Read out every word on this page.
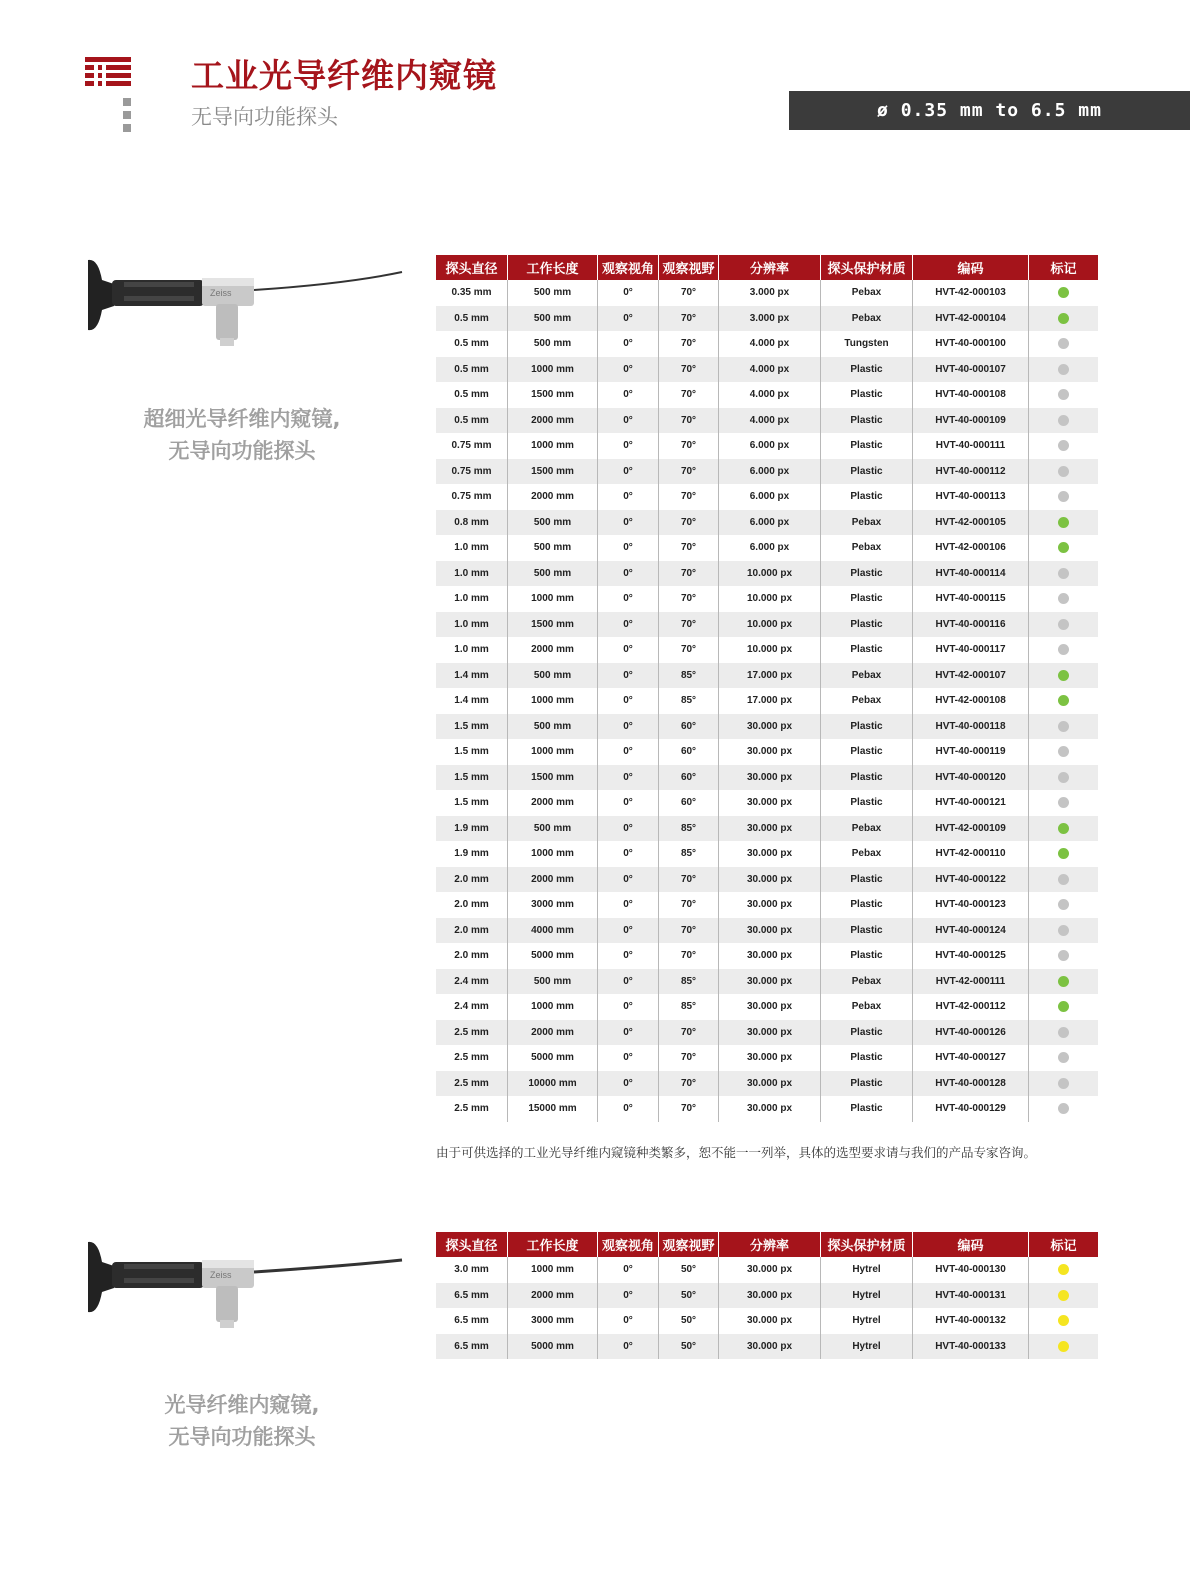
工业光导纤维内窥镜
无导向功能探头	ø 0.35 mm to 6.5 mm
Zeiss
超细光导纤维内窥镜,
无导向功能探头
探头直径	工作长度	观察视角	观察视野	分辨率	探头保护材质	编码	标记
0.35 mm	500 mm	0°	70°	3.000 px	Pebax	HVT-42-000103	
0.5 mm	500 mm	0°	70°	3.000 px	Pebax	HVT-42-000104	
0.5 mm	500 mm	0°	70°	4.000 px	Tungsten	HVT-40-000100	
0.5 mm	1000 mm	0°	70°	4.000 px	Plastic	HVT-40-000107	
0.5 mm	1500 mm	0°	70°	4.000 px	Plastic	HVT-40-000108	
0.5 mm	2000 mm	0°	70°	4.000 px	Plastic	HVT-40-000109	
0.75 mm	1000 mm	0°	70°	6.000 px	Plastic	HVT-40-000111	
0.75 mm	1500 mm	0°	70°	6.000 px	Plastic	HVT-40-000112	
0.75 mm	2000 mm	0°	70°	6.000 px	Plastic	HVT-40-000113	
0.8 mm	500 mm	0°	70°	6.000 px	Pebax	HVT-42-000105	
1.0 mm	500 mm	0°	70°	6.000 px	Pebax	HVT-42-000106	
1.0 mm	500 mm	0°	70°	10.000 px	Plastic	HVT-40-000114	
1.0 mm	1000 mm	0°	70°	10.000 px	Plastic	HVT-40-000115	
1.0 mm	1500 mm	0°	70°	10.000 px	Plastic	HVT-40-000116	
1.0 mm	2000 mm	0°	70°	10.000 px	Plastic	HVT-40-000117	
1.4 mm	500 mm	0°	85°	17.000 px	Pebax	HVT-42-000107	
1.4 mm	1000 mm	0°	85°	17.000 px	Pebax	HVT-42-000108	
1.5 mm	500 mm	0°	60°	30.000 px	Plastic	HVT-40-000118	
1.5 mm	1000 mm	0°	60°	30.000 px	Plastic	HVT-40-000119	
1.5 mm	1500 mm	0°	60°	30.000 px	Plastic	HVT-40-000120	
1.5 mm	2000 mm	0°	60°	30.000 px	Plastic	HVT-40-000121	
1.9 mm	500 mm	0°	85°	30.000 px	Pebax	HVT-42-000109	
1.9 mm	1000 mm	0°	85°	30.000 px	Pebax	HVT-42-000110	
2.0 mm	2000 mm	0°	70°	30.000 px	Plastic	HVT-40-000122	
2.0 mm	3000 mm	0°	70°	30.000 px	Plastic	HVT-40-000123	
2.0 mm	4000 mm	0°	70°	30.000 px	Plastic	HVT-40-000124	
2.0 mm	5000 mm	0°	70°	30.000 px	Plastic	HVT-40-000125	
2.4 mm	500 mm	0°	85°	30.000 px	Pebax	HVT-42-000111	
2.4 mm	1000 mm	0°	85°	30.000 px	Pebax	HVT-42-000112	
2.5 mm	2000 mm	0°	70°	30.000 px	Plastic	HVT-40-000126	
2.5 mm	5000 mm	0°	70°	30.000 px	Plastic	HVT-40-000127	
2.5 mm	10000 mm	0°	70°	30.000 px	Plastic	HVT-40-000128	
2.5 mm	15000 mm	0°	70°	30.000 px	Plastic	HVT-40-000129	
由于可供选择的工业光导纤维内窥镜种类繁多，恕不能一一列举，具体的选型要求请与我们的产品专家咨询。
Zeiss
光导纤维内窥镜,
无导向功能探头
探头直径	工作长度	观察视角	观察视野	分辨率	探头保护材质	编码	标记
3.0 mm	1000 mm	0°	50°	30.000 px	Hytrel	HVT-40-000130	
6.5 mm	2000 mm	0°	50°	30.000 px	Hytrel	HVT-40-000131	
6.5 mm	3000 mm	0°	50°	30.000 px	Hytrel	HVT-40-000132	
6.5 mm	5000 mm	0°	50°	30.000 px	Hytrel	HVT-40-000133	
